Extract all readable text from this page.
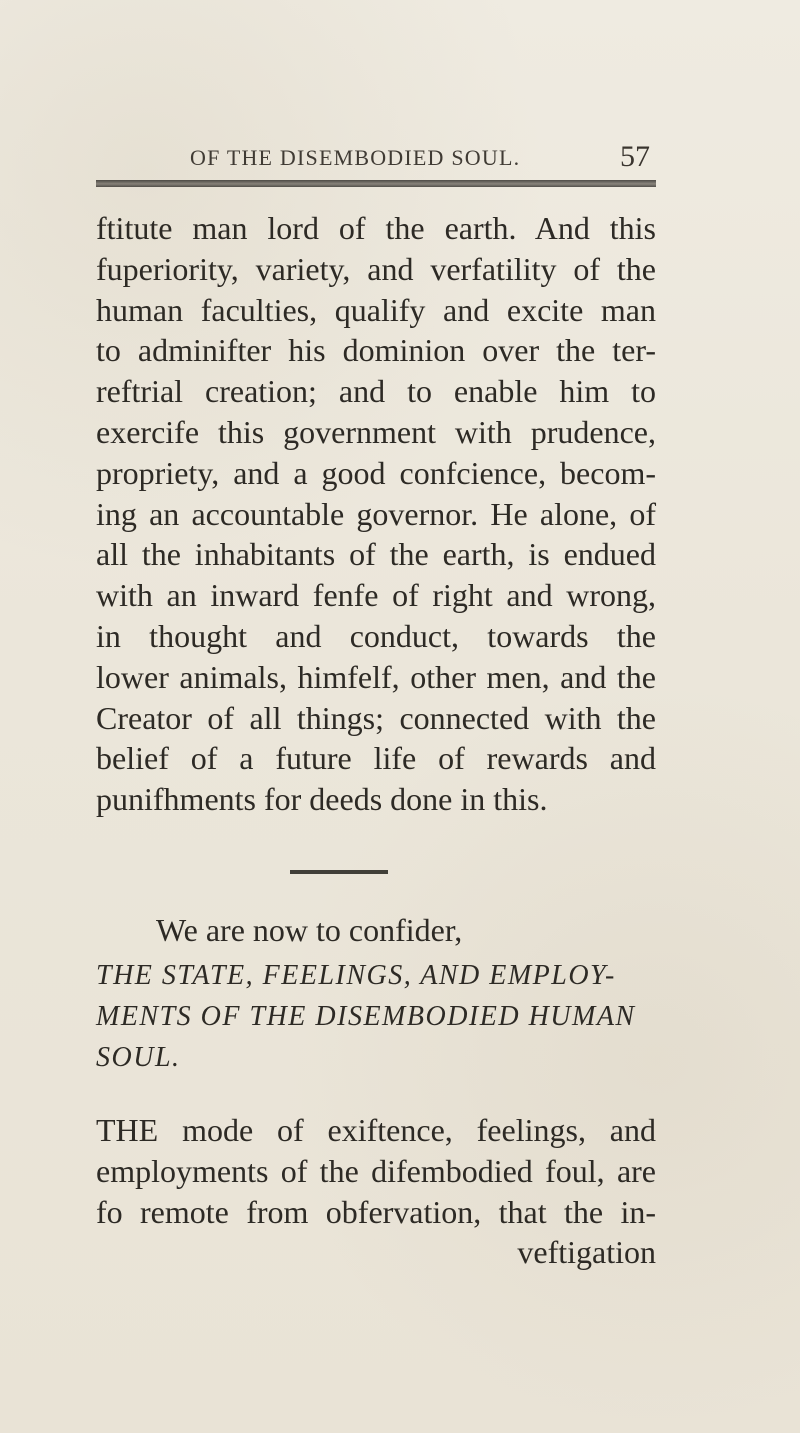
OF THE DISEMBODIED SOUL.	57
ftitute man lord of the earth. And this
fuperiority, variety, and verfatility of the
human faculties, qualify and excite man
to adminifter his dominion over the ter-
reftrial creation; and to enable him to
exercife this government with prudence,
propriety, and a good confcience, becom-
ing an accountable governor. He alone, of
all the inhabitants of the earth, is endued
with an inward fenfe of right and wrong,
in thought and conduct, towards the
lower animals, himfelf, other men, and the
Creator of all things; connected with the
belief of a future life of rewards and
punifhments for deeds done in this.
We are now to confider,
THE STATE, FEELINGS, AND EMPLOY-
MENTS OF THE DISEMBODIED HUMAN
SOUL.
THE mode of exiftence, feelings, and
employments of the difembodied foul, are
fo remote from obfervation, that the in-
veftigation
